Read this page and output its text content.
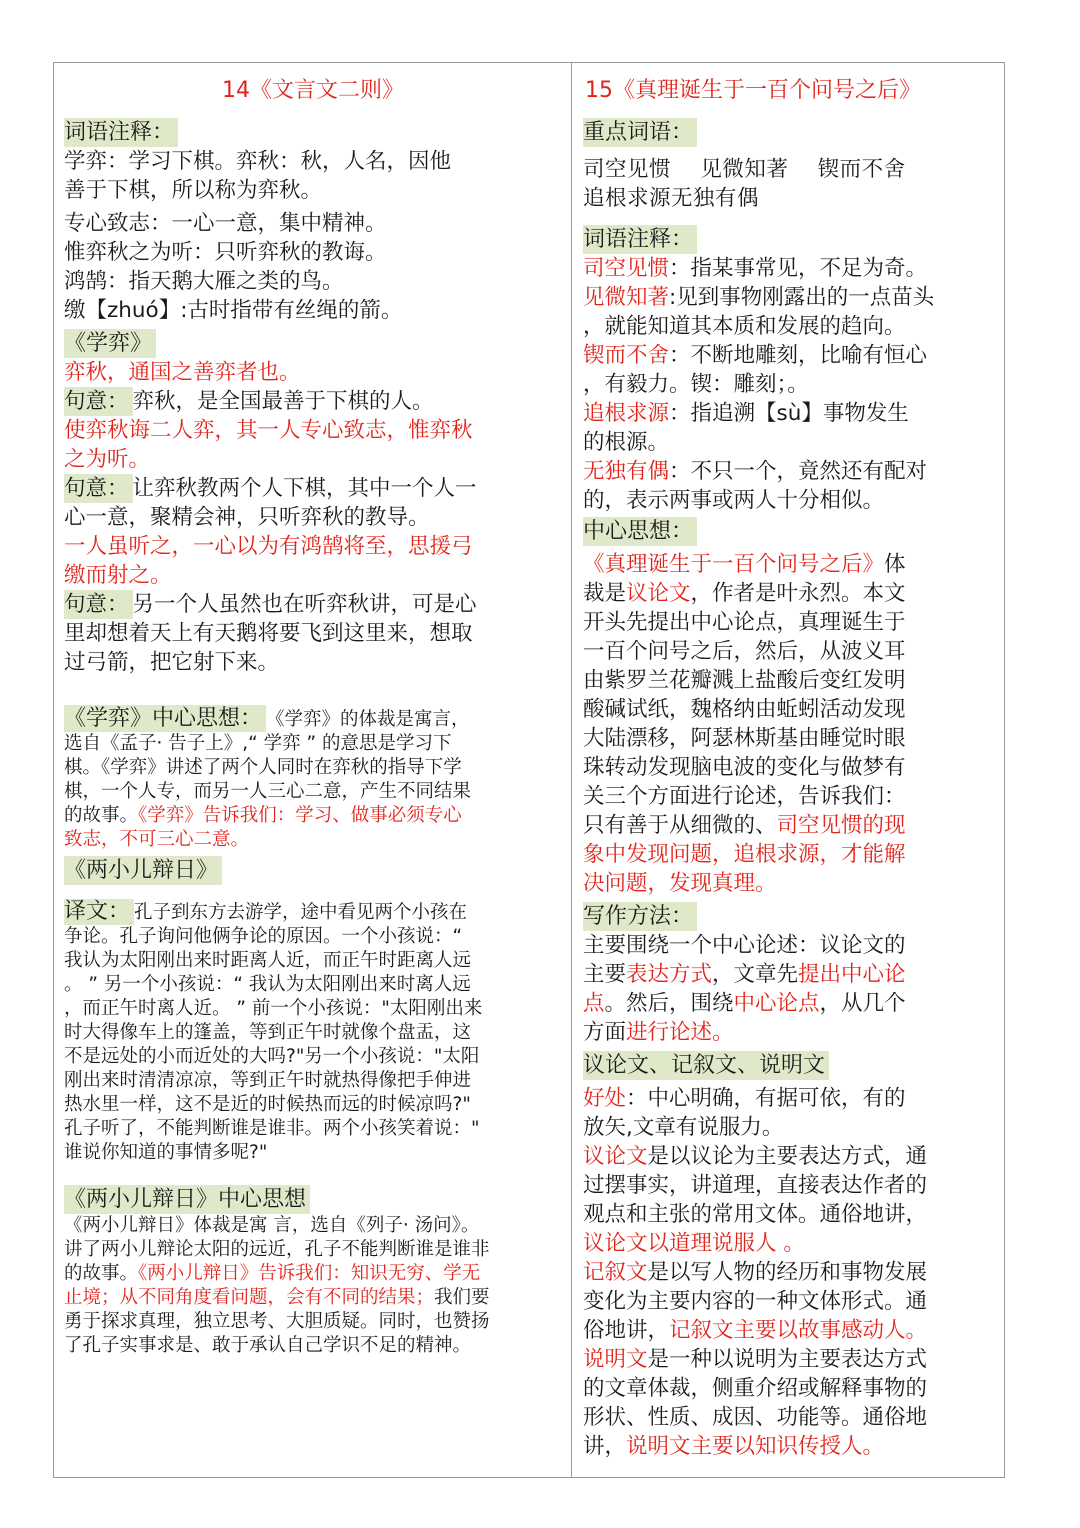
14《文言文二则》
词语注释：

学弈：学习下棋。弈秋：秋，人名，因他

善于下棋，所以称为弈秋。

专心致志：一心一意，集中精神。

惟弈秋之为听：只听弈秋的教诲。

鸿鹄：指天鹅大雁之类的鸟。

缴【zhuó】:古时指带有丝绳的箭。

《学弈》

弈秋，通国之善弈者也。

句意： 弈秋，是全国最善于下棋的人。

使弈秋诲二人弈，其一人专心致志，惟弈秋

之为听。

句意： 让弈秋教两个人下棋，其中一个人一

心一意，聚精会神，只听弈秋的教导。

一人虽听之，一心以为有鸿鹄将至，思援弓

缴而射之。

句意： 另一个人虽然也在听弈秋讲，可是心

里却想着天上有天鹅将要飞到这里来，想取

过弓箭，把它射下来。

《学弈》中心思想： 《学弈》的体裁是寓言，

选自《孟子· 告子上》,“ 学弈 ” 的意思是学习下

棋。《学弈》讲述了两个人同时在弈秋的指导下学

棋，一个人专，而另一人三心二意，产生不同结果

的故事。《学弈》告诉我们：学习、做事必须专心

致志，不可三心二意。

《两小儿辩日》

译文： 孔子到东方去游学，途中看见两个小孩在

争论。孔子询问他俩争论的原因。一个小孩说：“

我认为太阳刚出来时距离人近，而正午时距离人远

。 ” 另一个小孩说：“ 我认为太阳刚出来时离人远

，而正午时离人近。 ” 前一个小孩说："太阳刚出来

时大得像车上的篷盖，等到正午时就像个盘盂，这

不是远处的小而近处的大吗?"另一个小孩说："太阳

刚出来时清清凉凉，等到正午时就热得像把手伸进

热水里一样，这不是近的时候热而远的时候凉吗?"

孔子听了，不能判断谁是谁非。两个小孩笑着说："

谁说你知道的事情多呢?"

《两小儿辩日》中心思想

《两小儿辩日》体裁是寓 言，选自《列子· 汤问》。

讲了两小儿辩论太阳的远近，孔子不能判断谁是谁非

的故事。《两小儿辩日》告诉我们：知识无穷、学无

止境；从不同角度看问题，会有不同的结果；我们要

勇于探求真理，独立思考、大胆质疑。同时，也赞扬

了孔子实事求是、敢于承认自己学识不足的精神。

15《真理诞生于一百个问号之后》
重点词语：

司空见惯　 见微知著　 锲而不舍

追根求源无独有偶

词语注释：

司空见惯：指某事常见，不足为奇。

见微知著:见到事物刚露出的一点苗头

，就能知道其本质和发展的趋向。

锲而不舍：不断地雕刻，比喻有恒心

，有毅力。锲：雕刻；。

追根求源：指追溯【sù】事物发生

的根源。

无独有偶：不只一个，竟然还有配对

的，表示两事或两人十分相似。

中心思想：

《真理诞生于一百个问号之后》体

裁是议论文，作者是叶永烈。本文

开头先提出中心论点，真理诞生于

一百个问号之后，然后，从波义耳

由紫罗兰花瓣溅上盐酸后变红发明

酸碱试纸，魏格纳由蚯蚓活动发现

大陆漂移，阿瑟林斯基由睡觉时眼

珠转动发现脑电波的变化与做梦有

关三个方面进行论述，告诉我们：

只有善于从细微的、司空见惯的现

象中发现问题，追根求源，才能解

决问题，发现真理。

写作方法：

主要围绕一个中心论述：议论文的

主要表达方式，文章先提出中心论

点。然后，围绕中心论点，从几个

方面进行论述。

议论文、记叙文、说明文

好处：中心明确，有据可依，有的

放矢,文章有说服力。

议论文是以议论为主要表达方式，通

过摆事实，讲道理，直接表达作者的

观点和主张的常用文体。通俗地讲，

议论文以道理说服人 。

记叙文是以写人物的经历和事物发展

变化为主要内容的一种文体形式。通

俗地讲，记叙文主要以故事感动人。

说明文是一种以说明为主要表达方式

的文章体裁，侧重介绍或解释事物的

形状、性质、成因、功能等。通俗地

讲，说明文主要以知识传授人。
